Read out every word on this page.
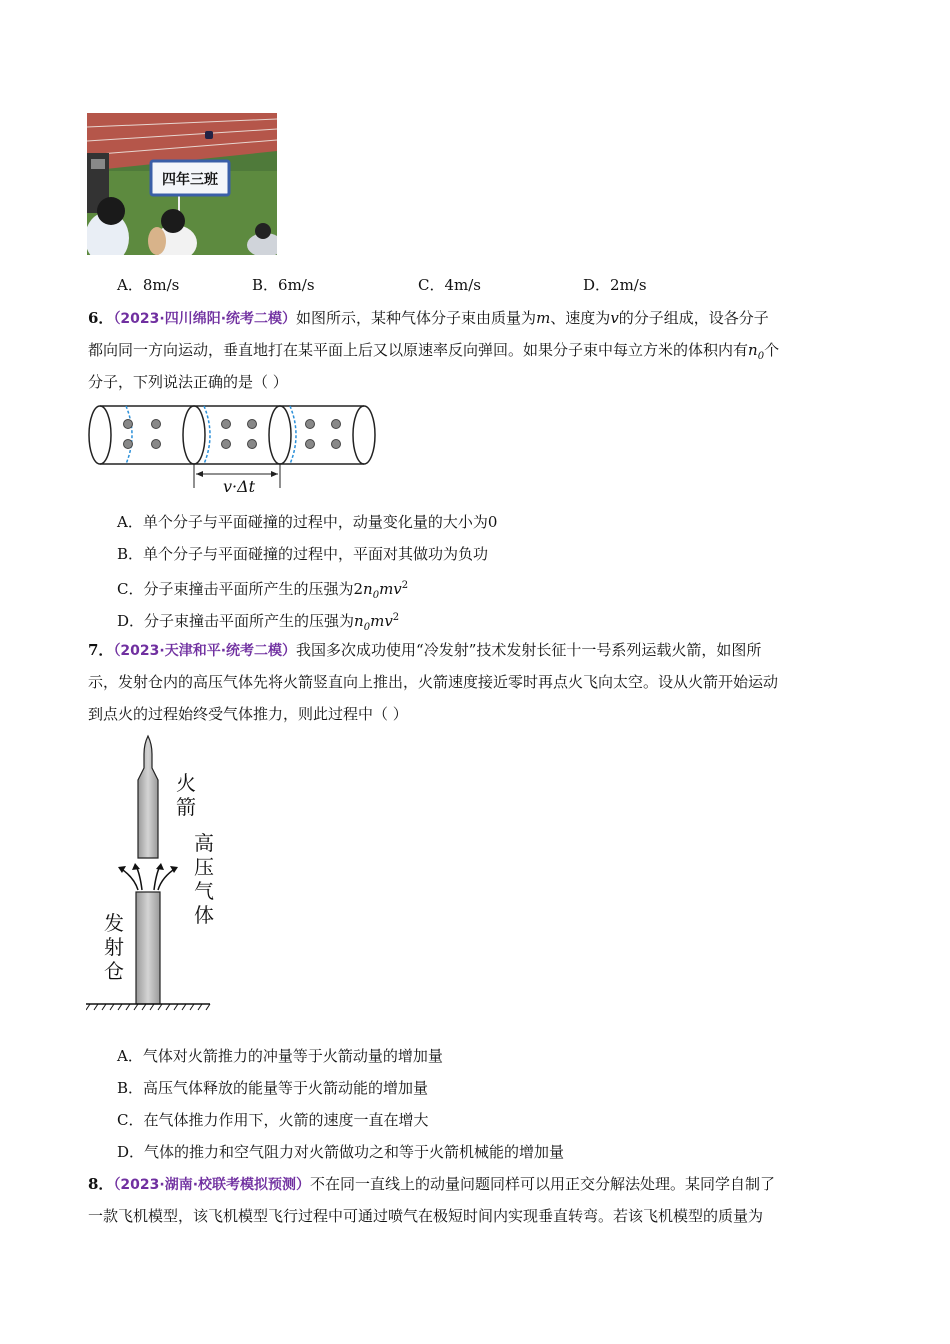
四年三班
A．8m/s	B．6m/s	C．4m/s	D．2m/s
6．（2023·四川绵阳·统考二模）如图所示，某种气体分子束由质量为m、速度为v的分子组成，设各分子
都向同一方向运动，垂直地打在某平面上后又以原速率反向弹回。如果分子束中每立方米的体积内有$n_0$个
分子，下列说法正确的是（ ）
v·Δt
A．单个分子与平面碰撞的过程中，动量变化量的大小为0
B．单个分子与平面碰撞的过程中，平面对其做功为负功
C．分子束撞击平面所产生的压强为$2n_0mv^2$
D．分子束撞击平面所产生的压强为$n_0mv^2$
7．（2023·天津和平·统考二模）我国多次成功使用“冷发射”技术发射长征十一号系列运载火箭，如图所
示，发射仓内的高压气体先将火箭竖直向上推出，火箭速度接近零时再点火飞向太空。设从火箭开始运动
到点火的过程始终受气体推力，则此过程中（ ）
火
箭
高
压
气
体
发
射
仓
A．气体对火箭推力的冲量等于火箭动量的增加量
B．高压气体释放的能量等于火箭动能的增加量
C．在气体推力作用下，火箭的速度一直在增大
D．气体的推力和空气阻力对火箭做功之和等于火箭机械能的增加量
8．（2023·湖南·校联考模拟预测）不在同一直线上的动量问题同样可以用正交分解法处理。某同学自制了
一款飞机模型，该飞机模型飞行过程中可通过喷气在极短时间内实现垂直转弯。若该飞机模型的质量为
